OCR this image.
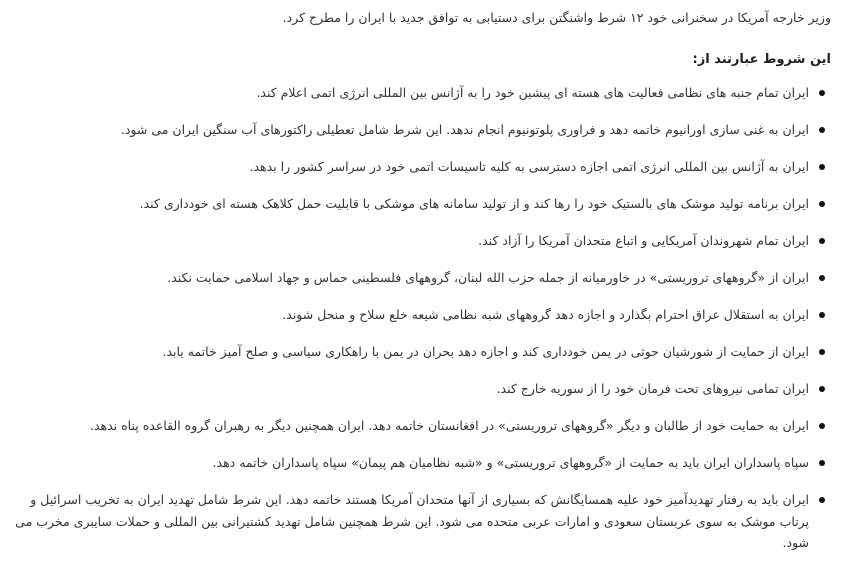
وزیر خارجه آمریکا در سخنرانی خود ۱۲ شرط واشنگتن برای دستیابی به توافق جدید با ایران را مطرح کرد.

این شروط عبارتند از:

ایران تمام جنبه های نظامی فعالیت های هسته ای پیشین خود را به آژانس بین المللی انرژی اتمی اعلام کند.
ایران به غنی سازی اورانیوم خاتمه دهد و فراوری پلوتونیوم انجام ندهد. این شرط شامل تعطیلی راکتورهای آب سنگین ایران می شود.
ایران به آژانس بین المللی انرژی اتمی اجازه دسترسی به کلیه تاسیسات اتمی خود در سراسر کشور را بدهد.
ایران برنامه تولید موشک های بالستیک خود را رها کند و از تولید سامانه های موشکی با قابلیت حمل کلاهک هسته ای خودداری کند.
ایران تمام شهروندان آمریکایی و اتباع متحدان آمریکا را آزاد کند.
ایران از «گروههای تروریستی» در خاورمیانه از جمله حزب الله لبنان، گروههای فلسطینی حماس و جهاد اسلامی حمایت نکند.
ایران به استقلال عراق احترام بگذارد و اجازه دهد گروههای شبه نظامی شیعه خلع سلاح و منحل شوند.
ایران از حمایت از شورشیان حوثی در یمن خودداری کند و اجازه دهد بحران در یمن با راهکاری سیاسی و صلح آمیز خاتمه یابد.
ایران تمامی نیروهای تحت فرمان خود را از سوریه خارج کند.
ایران به حمایت خود از طالبان و دیگر «گروههای تروریستی» در افغانستان خاتمه دهد. ایران همچنین دیگر به رهبران گروه القاعده پناه ندهد.
سپاه پاسداران ایران باید به حمایت از «گروههای تروریستی» و «شبه نظامیان هم پیمان» سپاه پاسداران خاتمه دهد.
ایران باید به رفتار تهدیدآمیز خود علیه همسایگانش که بسیاری از آنها متحدان آمریکا هستند خاتمه دهد. این شرط شامل تهدید ایران به تخریب اسرائیل و پرتاب موشک به سوی عربستان سعودی و امارات عربی متحده می شود. این شرط همچنین شامل تهدید کشتیرانی بین المللی و حملات سایبری مخرب می شود.
